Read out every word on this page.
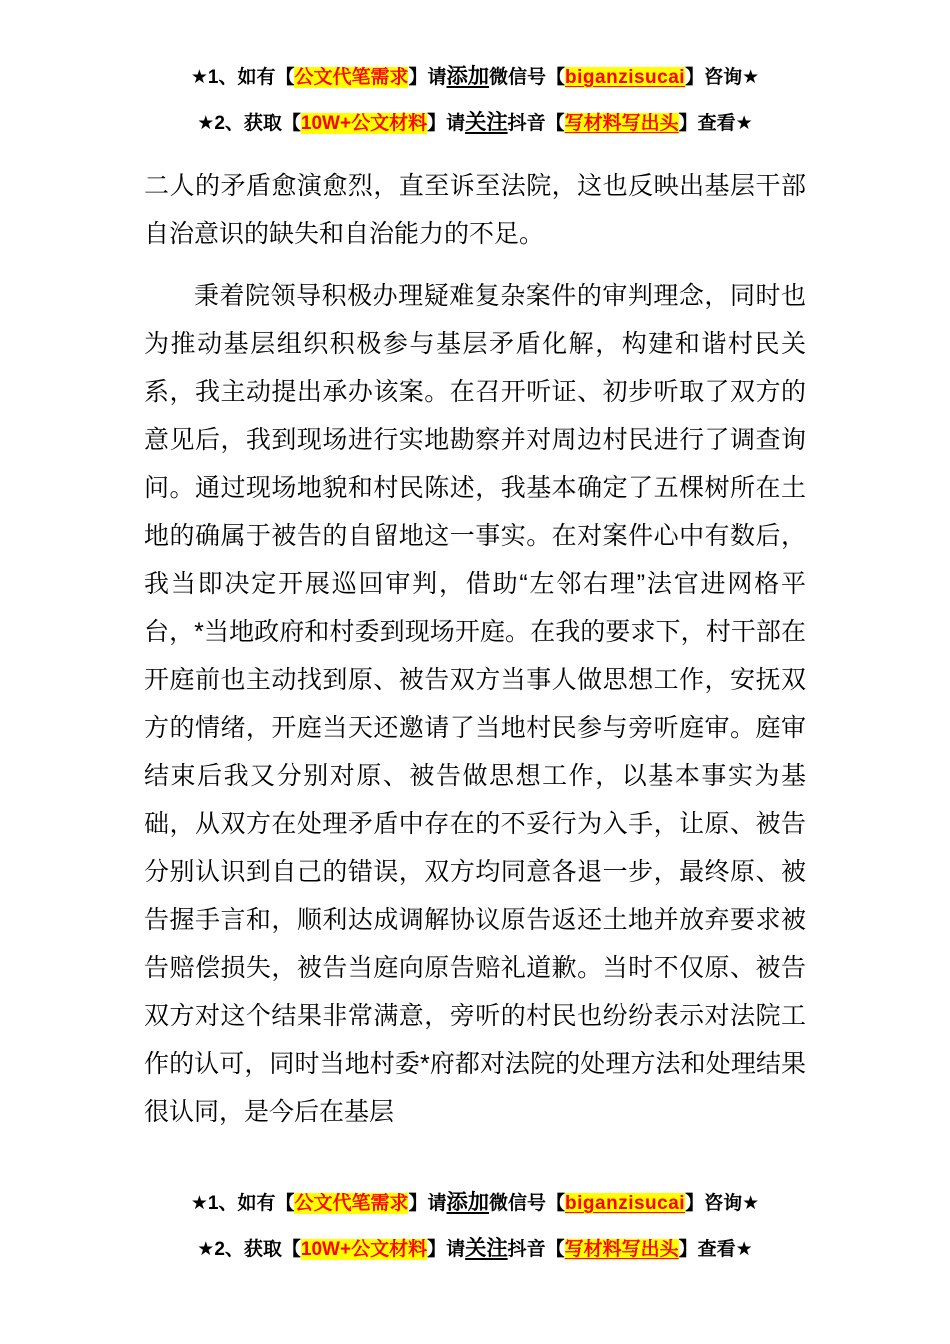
★1、如有【公文代笔需求】请添加微信号【biganzisucai】咨询★
★2、获取【10W+公文材料】请关注抖音【写材料写出头】查看★

二人的矛盾愈演愈烈，直至诉至法院，这也反映出基层干部自治意识的缺失和自治能力的不足。

秉着院领导积极办理疑难复杂案件的审判理念，同时也为推动基层组织积极参与基层矛盾化解，构建和谐村民关系，我主动提出承办该案。在召开听证、初步听取了双方的意见后，我到现场进行实地勘察并对周边村民进行了调查询问。通过现场地貌和村民陈述，我基本确定了五棵树所在土地的确属于被告的自留地这一事实。在对案件心中有数后，我当即决定开展巡回审判，借助“左邻右理”法官进网格平台，*当地政府和村委到现场开庭。在我的要求下，村干部在开庭前也主动找到原、被告双方当事人做思想工作，安抚双方的情绪，开庭当天还邀请了当地村民参与旁听庭审。庭审结束后我又分别对原、被告做思想工作，以基本事实为基础，从双方在处理矛盾中存在的不妥行为入手，让原、被告分别认识到自己的错误，双方均同意各退一步，最终原、被告握手言和，顺利达成调解协议原告返还土地并放弃要求被告赔偿损失，被告当庭向原告赔礼道歉。当时不仅原、被告双方对这个结果非常满意，旁听的村民也纷纷表示对法院工作的认可，同时当地村委*府都对法院的处理方法和处理结果很认同，是今后在基层

★1、如有【公文代笔需求】请添加微信号【biganzisucai】咨询★
★2、获取【10W+公文材料】请关注抖音【写材料写出头】查看★
